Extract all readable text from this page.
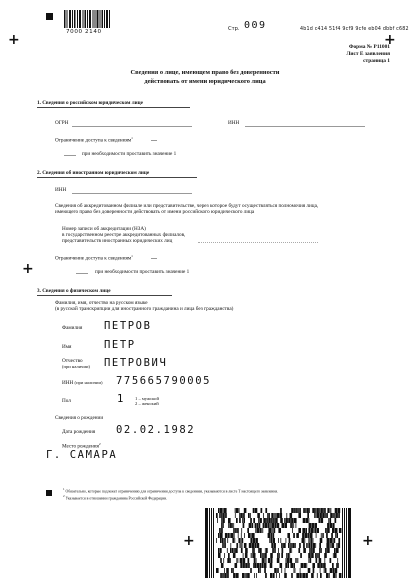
+	+
+
+	+
7000 2140	Стр. 009	4b1d c414 51f4 9cf9 9cfe eb04 dbbf c682
Форма № Р11001
Лист Е заявления
страница 1
Сведения о лице, имеющем право без доверенности
действовать от имени юридического лица
1. Сведения о российском юридическом лице
ОГРН	ИНН
Ограничение доступа к сведениям$^1$
при необходимости проставить значение 1
2. Сведения об иностранном юридическом лице
ИНН
Сведения об аккредитованном филиале или представительстве, через которое будут осуществляться полномочия лица,
имеющего право без доверенности действовать от имени российского юридического лица
Номер записи об аккредитации (НЗА)
в государственном реестре аккредитованных филиалов,
представительств иностранных юридических лиц
Ограничение доступа к сведениям$^1$
при необходимости проставить значение 1
3. Сведения о физическом лице
Фамилия, имя, отчество на русском языке
(в русской транскрипции для иностранного гражданина и лица без гражданства)
Фамилия ПЕТРОВ
Имя	ПЕТР
Отчество
(при наличии) ПЕТРОВИЧ
ИНН (при наличии) 775665790005
Пол	1 1 – мужской
2 – женский
Сведения о рождении
Дата рождения 02.02.1982
Место рождения$^2$
Г. САМАРА
$^1$ Обязательно, которые подлежат ограничению для ограничения доступа к сведениям, указываются в листе Т настоящего заявления.
$^2$ Указывается в отношении гражданина Российской Федерации.
